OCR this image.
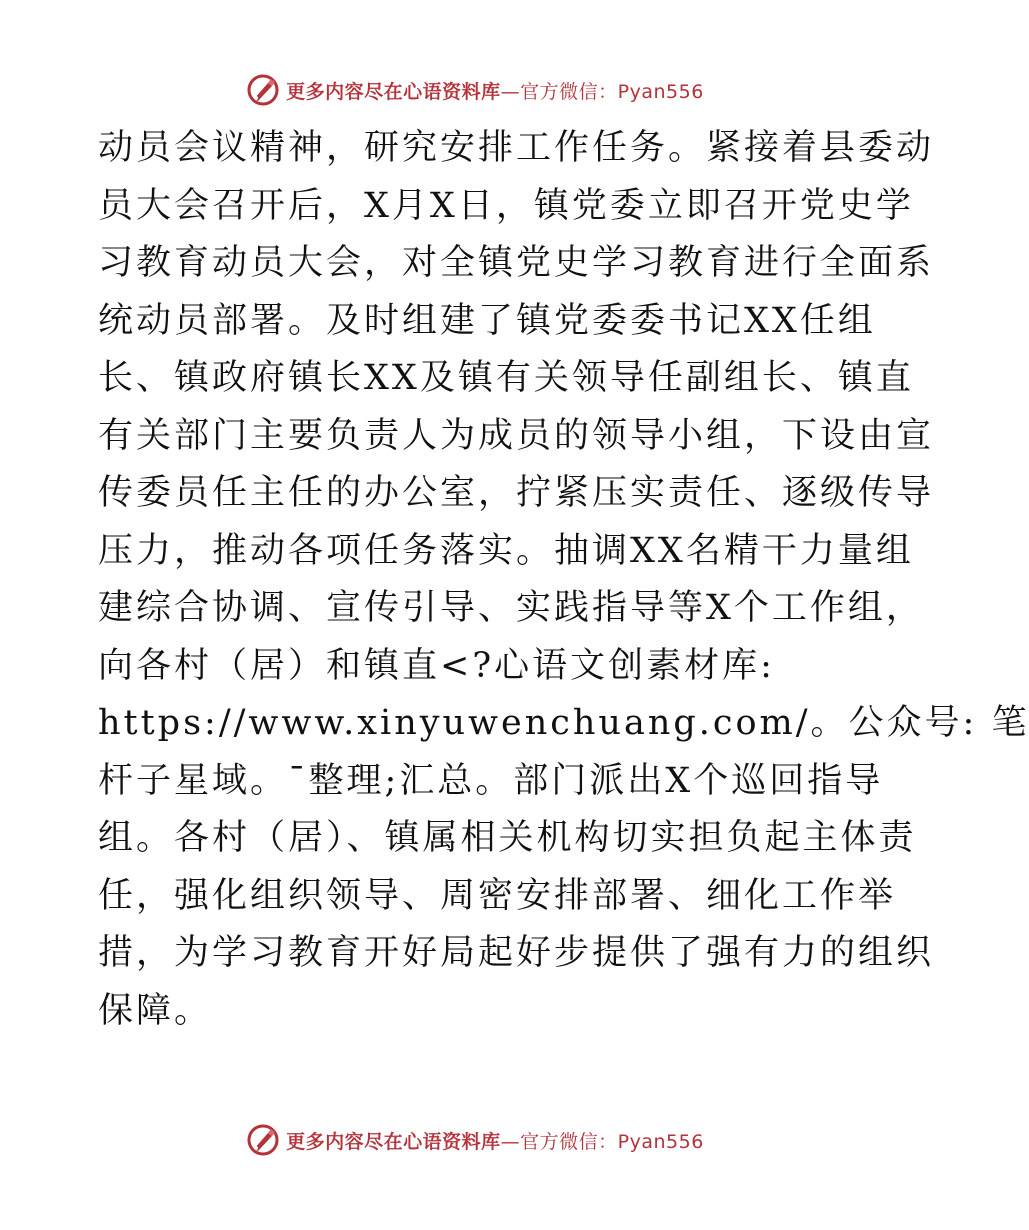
更多内容尽在心语资料库—官方微信：Pyan556
动员会议精神，研究安排工作任务。紧接着县委动
员大会召开后，X月X日，镇党委立即召开党史学
习教育动员大会，对全镇党史学习教育进行全面系
统动员部署。及时组建了镇党委委书记XX任组
长、镇政府镇长XX及镇有关领导任副组长、镇直
有关部门主要负责人为成员的领导小组，下设由宣
传委员任主任的办公室，拧紧压实责任、逐级传导
压力，推动各项任务落实。抽调XX名精干力量组
建综合协调、宣传引导、实践指导等X个工作组，
向各村（居）和镇直<?心语文创素材库:
https://www.xinyuwenchuang.com/。公众号: 笔
杆子星域。¯整理;汇总。部门派出X个巡回指导
组。各村（居）、镇属相关机构切实担负起主体责
任，强化组织领导、周密安排部署、细化工作举
措，为学习教育开好局起好步提供了强有力的组织
保障。
更多内容尽在心语资料库—官方微信：Pyan556
